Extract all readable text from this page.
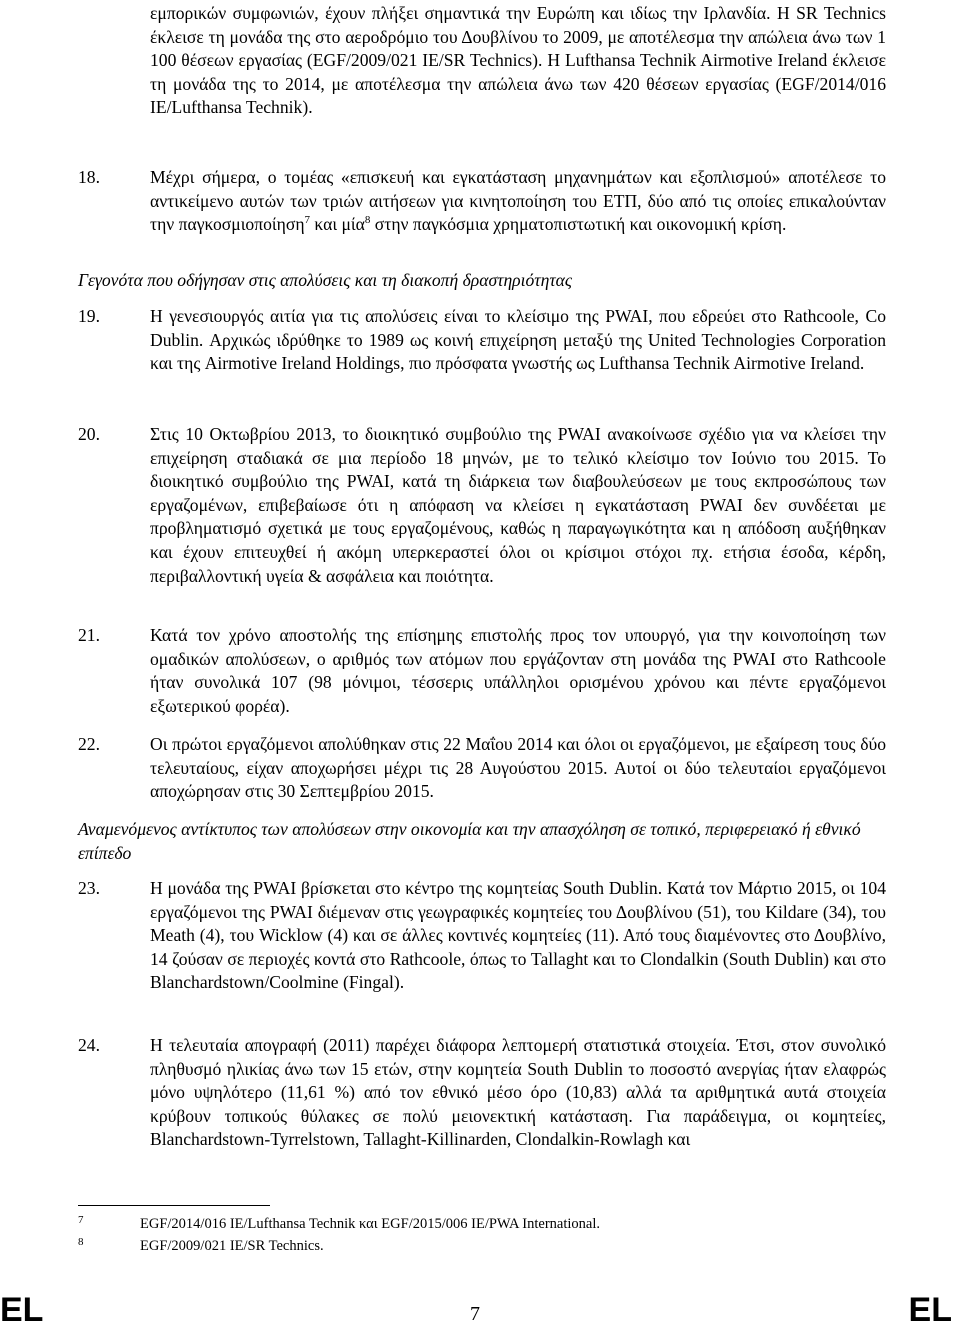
εμπορικών συμφωνιών, έχουν πλήξει σημαντικά την Ευρώπη και ιδίως την Ιρλανδία. Η SR Technics έκλεισε τη μονάδα της στο αεροδρόμιο του Δουβλίνου το 2009, με αποτέλεσμα την απώλεια άνω των 1 100 θέσεων εργασίας (EGF/2009/021 IE/SR Technics). Η Lufthansa Technik Airmotive Ireland έκλεισε τη μονάδα της το 2014, με αποτέλεσμα την απώλεια άνω των 420 θέσεων εργασίας (EGF/2014/016 IE/Lufthansa Technik).
18.	Μέχρι σήμερα, ο τομέας «επισκευή και εγκατάσταση μηχανημάτων και εξοπλισμού» αποτέλεσε το αντικείμενο αυτών των τριών αιτήσεων για κινητοποίηση του ΕΤΠ, δύο από τις οποίες επικαλούνταν την παγκοσμιοποίηση$^7$ και μία$^8$ στην παγκόσμια χρηματοπιστωτική και οικονομική κρίση.
Γεγονότα που οδήγησαν στις απολύσεις και τη διακοπή δραστηριότητας
19.	Η γενεσιουργός αιτία για τις απολύσεις είναι το κλείσιμο της PWAI, που εδρεύει στο Rathcoole, Co Dublin. Αρχικώς ιδρύθηκε το 1989 ως κοινή επιχείρηση μεταξύ της United Technologies Corporation και της Airmotive Ireland Holdings, πιο πρόσφατα γνωστής ως Lufthansa Technik Airmotive Ireland.
20.	Στις 10 Οκτωβρίου 2013, το διοικητικό συμβούλιο της PWAI ανακοίνωσε σχέδιο για να κλείσει την επιχείρηση σταδιακά σε μια περίοδο 18 μηνών, με το τελικό κλείσιμο τον Ιούνιο του 2015. Το διοικητικό συμβούλιο της PWAI, κατά τη διάρκεια των διαβουλεύσεων με τους εκπροσώπους των εργαζομένων, επιβεβαίωσε ότι η απόφαση να κλείσει η εγκατάσταση PWAI δεν συνδέεται με προβληματισμό σχετικά με τους εργαζομένους, καθώς η παραγωγικότητα και η απόδοση αυξήθηκαν και έχουν επιτευχθεί ή ακόμη υπερκεραστεί όλοι οι κρίσιμοι στόχοι πχ. ετήσια έσοδα, κέρδη, περιβαλλοντική υγεία & ασφάλεια και ποιότητα.
21.	Κατά τον χρόνο αποστολής της επίσημης επιστολής προς τον υπουργό, για την κοινοποίηση των ομαδικών απολύσεων, ο αριθμός των ατόμων που εργάζονταν στη μονάδα της PWAI στο Rathcoole ήταν συνολικά 107 (98 μόνιμοι, τέσσερις υπάλληλοι ορισμένου χρόνου και πέντε εργαζόμενοι εξωτερικού φορέα).
22.	Οι πρώτοι εργαζόμενοι απολύθηκαν στις 22 Μαΐου 2014 και όλοι οι εργαζόμενοι, με εξαίρεση τους δύο τελευταίους, είχαν αποχωρήσει μέχρι τις 28 Αυγούστου 2015. Αυτοί οι δύο τελευταίοι εργαζόμενοι αποχώρησαν στις 30 Σεπτεμβρίου 2015.
Αναμενόμενος αντίκτυπος των απολύσεων στην οικονομία και την απασχόληση σε τοπικό, περιφερειακό ή εθνικό επίπεδο
23.	Η μονάδα της PWAI βρίσκεται στο κέντρο της κομητείας South Dublin. Κατά τον Μάρτιο 2015, οι 104 εργαζόμενοι της PWAI διέμεναν στις γεωγραφικές κομητείες του Δουβλίνου (51), του Kildare (34), του Meath (4), του Wicklow (4) και σε άλλες κοντινές κομητείες (11). Από τους διαμένοντες στο Δουβλίνο, 14 ζούσαν σε περιοχές κοντά στο Rathcoole, όπως το Tallaght και το Clondalkin (South Dublin) και στο Blanchardstown/Coolmine (Fingal).
24.	Η τελευταία απογραφή (2011) παρέχει διάφορα λεπτομερή στατιστικά στοιχεία. Έτσι, στον συνολικό πληθυσμό ηλικίας άνω των 15 ετών, στην κομητεία South Dublin το ποσοστό ανεργίας ήταν ελαφρώς μόνο υψηλότερο (11,61 %) από τον εθνικό μέσο όρο (10,83) αλλά τα αριθμητικά αυτά στοιχεία κρύβουν τοπικούς θύλακες σε πολύ μειονεκτική κατάσταση. Για παράδειγμα, οι κομητείες, Blanchardstown-Tyrrelstown, Tallaght-Killinarden, Clondalkin-Rowlagh και
7	EGF/2014/016 IE/Lufthansa Technik και EGF/2015/006 IE/PWA International.
8	EGF/2009/021 IE/SR Technics.
EL	7	EL
